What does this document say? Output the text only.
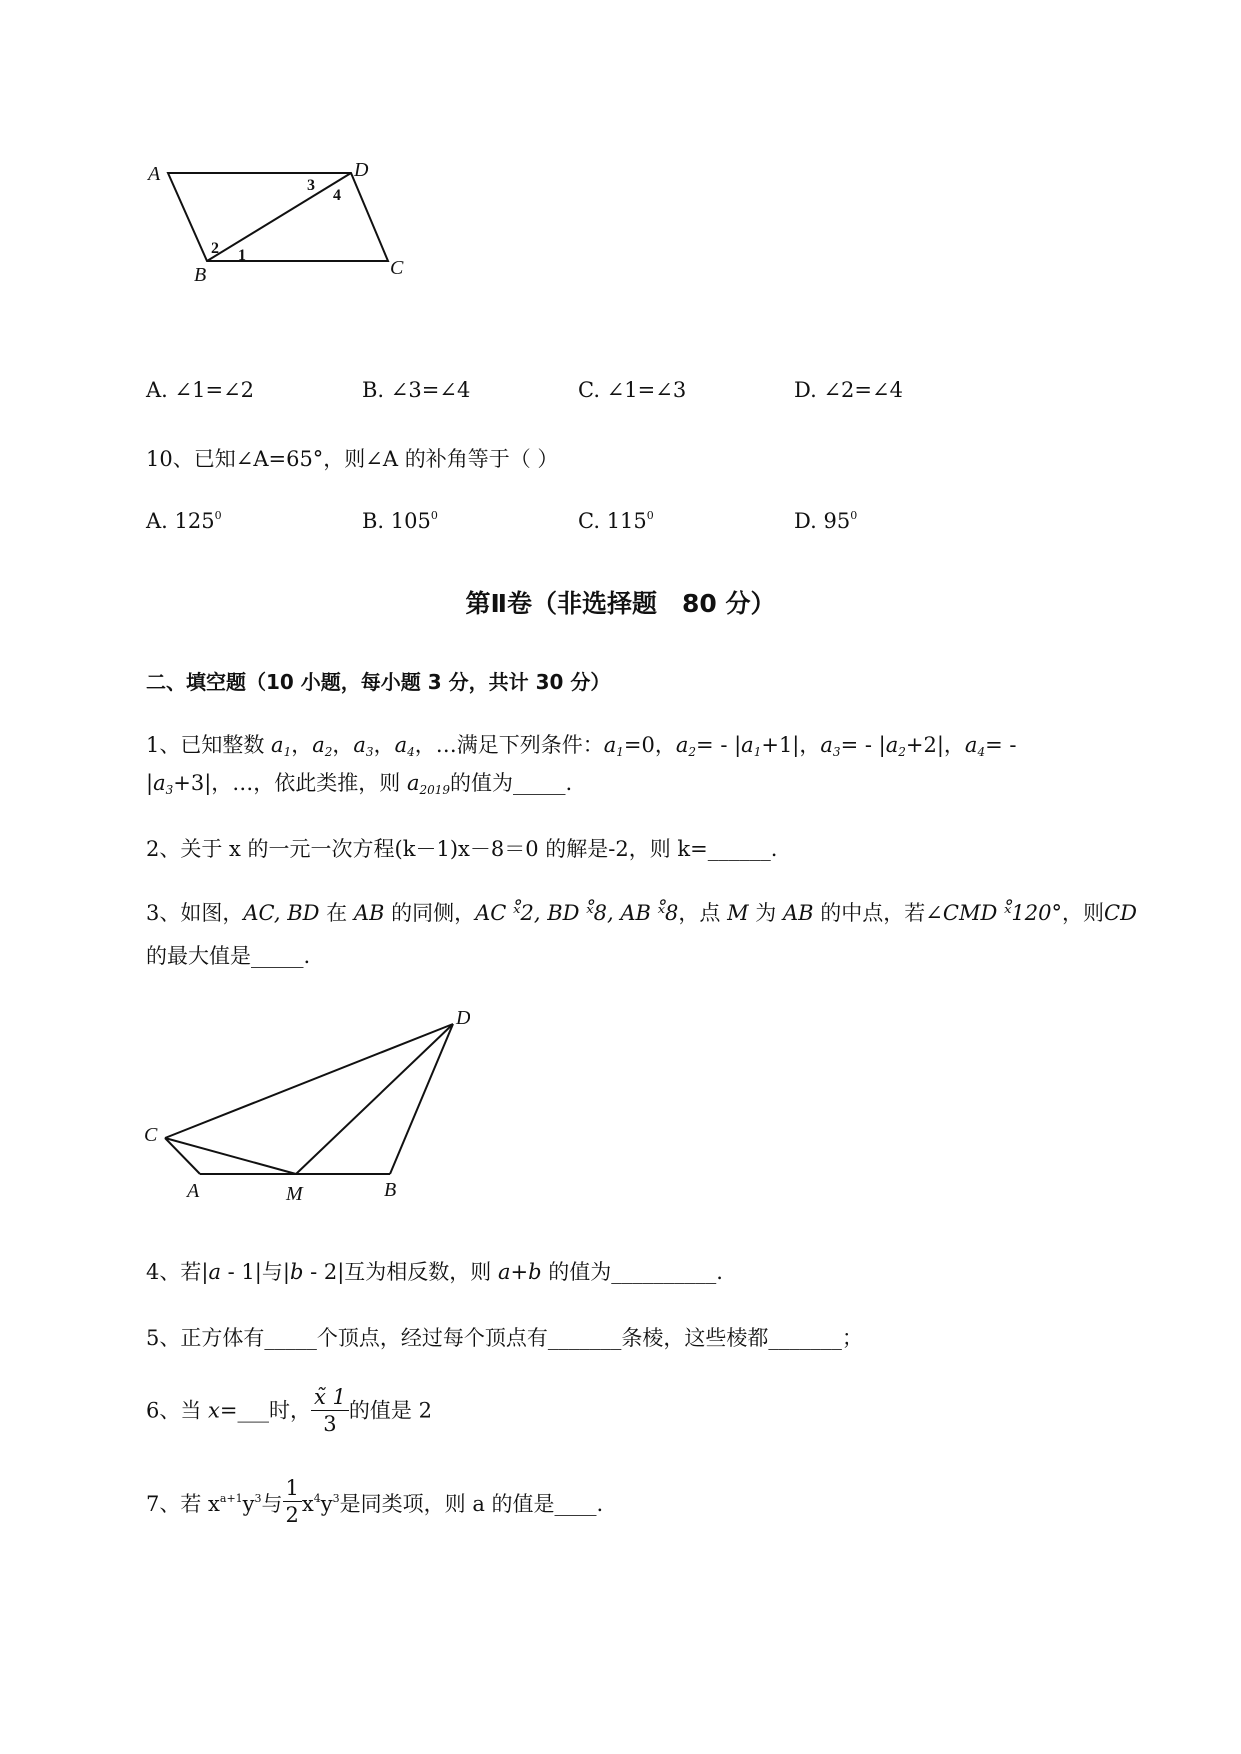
A	D
B	C
3
4
2 1
A. ∠1=∠2	B. ∠3=∠4	C. ∠1=∠3	D. ∠2=∠4
10、已知∠A=65°，则∠A 的补角等于（ ）
A. $125^0$	B. $105^0$	C. $115^0$	D. $95^0$
第Ⅱ卷（非选择题　80 分）
二、填空题（10 小题，每小题 3 分，共计 30 分）
1、已知整数 $a_1$，$a_2$，$a_3$，$a_4$，…满足下列条件：$a_1=0$，$a_2= - |a_1+1|$，$a_3= - |a_2+2|$，$a_4=$ -
$|a_3+3|$，…，依此类推，则 $a_{2019}$的值为_____.
2、关于 x 的一元一次方程(k－1)x－8＝0 的解是-2，则 k=______.
3、如图，AC, BD 在 AB 的同侧，AC ˣ̊2, BD ˣ̊8, AB ˣ̊8，点 M 为 AB 的中点，若∠CMD ˣ̊120°，则CD
的最大值是_____.
D
C
A	M	B
4、若|a - 1|与|b - 2|互为相反数，则 a+b 的值为__________.
5、正方体有_____个顶点，经过每个顶点有_______条棱，这些棱都_______；
6、当 x=___时， $\frac{x̃ 1}{3}$ 的值是 2
7、若 $x^{a+1}y^3$与 $\frac{1}{2} x^4y^3$是同类项，则 a 的值是____.
